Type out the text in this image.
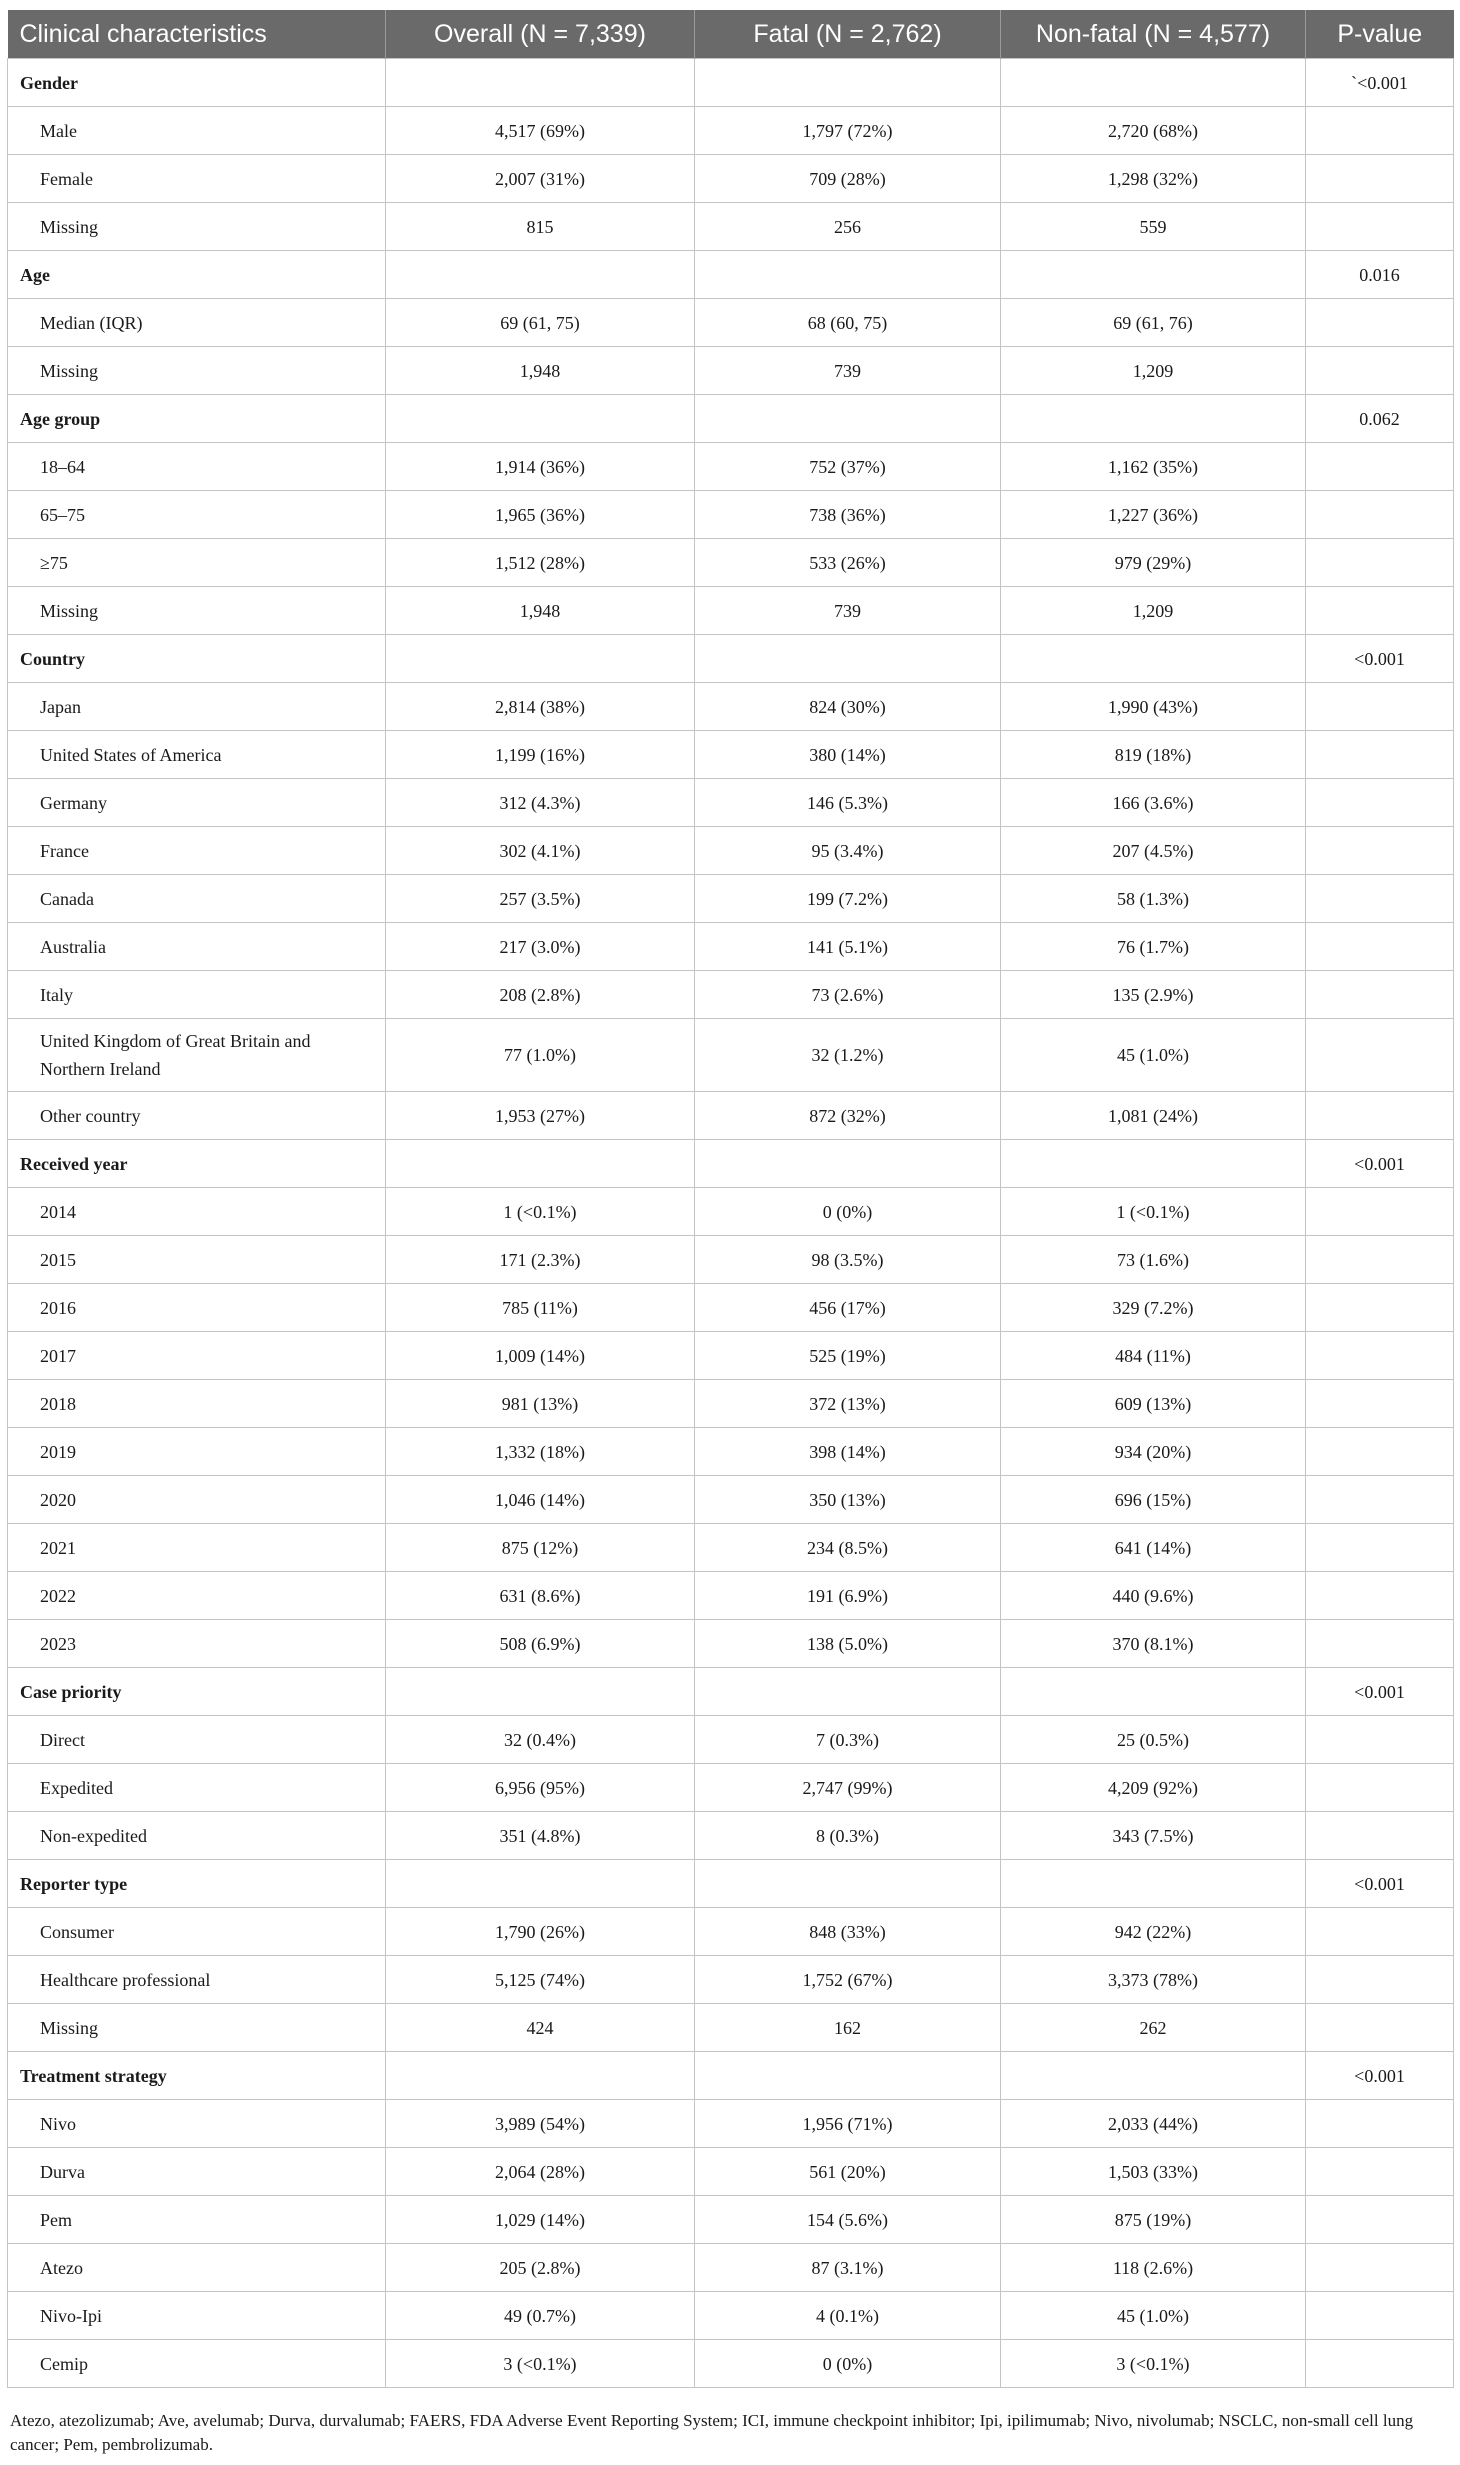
Clinical characteristics	Overall (N = 7,339)	Fatal (N = 2,762)	Non-fatal (N = 4,577)	P-value
Gender				`<0.001
Male	4,517 (69%)	1,797 (72%)	2,720 (68%)	
Female	2,007 (31%)	709 (28%)	1,298 (32%)	
Missing	815	256	559	
Age				0.016
Median (IQR)	69 (61, 75)	68 (60, 75)	69 (61, 76)	
Missing	1,948	739	1,209	
Age group				0.062
18–64	1,914 (36%)	752 (37%)	1,162 (35%)	
65–75	1,965 (36%)	738 (36%)	1,227 (36%)	
≥75	1,512 (28%)	533 (26%)	979 (29%)	
Missing	1,948	739	1,209	
Country				<0.001
Japan	2,814 (38%)	824 (30%)	1,990 (43%)	
United States of America	1,199 (16%)	380 (14%)	819 (18%)	
Germany	312 (4.3%)	146 (5.3%)	166 (3.6%)	
France	302 (4.1%)	95 (3.4%)	207 (4.5%)	
Canada	257 (3.5%)	199 (7.2%)	58 (1.3%)	
Australia	217 (3.0%)	141 (5.1%)	76 (1.7%)	
Italy	208 (2.8%)	73 (2.6%)	135 (2.9%)	
United Kingdom of Great Britain and Northern Ireland	77 (1.0%)	32 (1.2%)	45 (1.0%)	
Other country	1,953 (27%)	872 (32%)	1,081 (24%)	
Received year				<0.001
2014	1 (<0.1%)	0 (0%)	1 (<0.1%)	
2015	171 (2.3%)	98 (3.5%)	73 (1.6%)	
2016	785 (11%)	456 (17%)	329 (7.2%)	
2017	1,009 (14%)	525 (19%)	484 (11%)	
2018	981 (13%)	372 (13%)	609 (13%)	
2019	1,332 (18%)	398 (14%)	934 (20%)	
2020	1,046 (14%)	350 (13%)	696 (15%)	
2021	875 (12%)	234 (8.5%)	641 (14%)	
2022	631 (8.6%)	191 (6.9%)	440 (9.6%)	
2023	508 (6.9%)	138 (5.0%)	370 (8.1%)	
Case priority				<0.001
Direct	32 (0.4%)	7 (0.3%)	25 (0.5%)	
Expedited	6,956 (95%)	2,747 (99%)	4,209 (92%)	
Non-expedited	351 (4.8%)	8 (0.3%)	343 (7.5%)	
Reporter type				<0.001
Consumer	1,790 (26%)	848 (33%)	942 (22%)	
Healthcare professional	5,125 (74%)	1,752 (67%)	3,373 (78%)	
Missing	424	162	262	
Treatment strategy				<0.001
Nivo	3,989 (54%)	1,956 (71%)	2,033 (44%)	
Durva	2,064 (28%)	561 (20%)	1,503 (33%)	
Pem	1,029 (14%)	154 (5.6%)	875 (19%)	
Atezo	205 (2.8%)	87 (3.1%)	118 (2.6%)	
Nivo-Ipi	49 (0.7%)	4 (0.1%)	45 (1.0%)	
Cemip	3 (<0.1%)	0 (0%)	3 (<0.1%)	
Atezo, atezolizumab; Ave, avelumab; Durva, durvalumab; FAERS, FDA Adverse Event Reporting System; ICI, immune checkpoint inhibitor; Ipi, ipilimumab; Nivo, nivolumab; NSCLC, non-small cell lung cancer; Pem, pembrolizumab.
